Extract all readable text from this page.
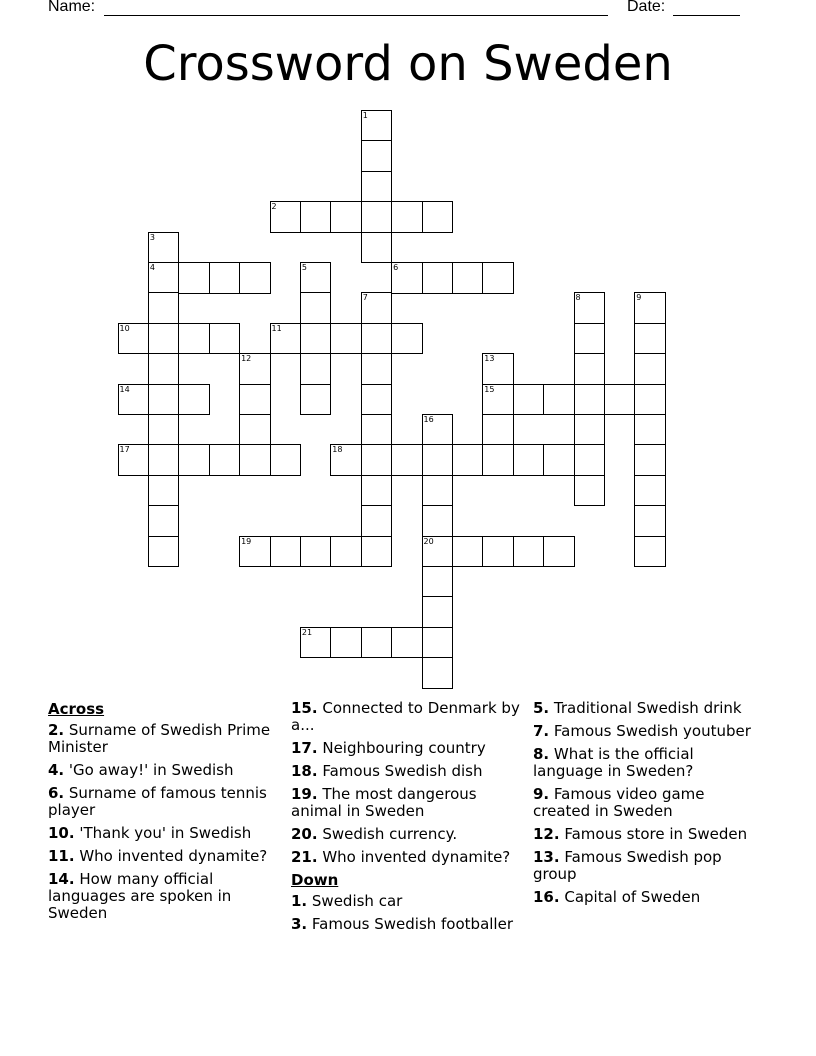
Name:	Date:
Crossword on Sweden
1
2
3
4	5	6
7	8	9
10	11
12	13
14	15
16
17	18
19	20
21
Across
2. Surname of Swedish Prime Minister
4. 'Go away!' in Swedish
6. Surname of famous tennis player
10. 'Thank you' in Swedish
11. Who invented dynamite?
14. How many official languages are spoken in Sweden
15. Connected to Denmark by a...
17. Neighbouring country
18. Famous Swedish dish
19. The most dangerous animal in Sweden
20. Swedish currency.
21. Who invented dynamite?
Down
1. Swedish car
3. Famous Swedish footballer
5. Traditional Swedish drink
7. Famous Swedish youtuber
8. What is the official language in Sweden?
9. Famous video game created in Sweden
12. Famous store in Sweden
13. Famous Swedish pop group
16. Capital of Sweden
